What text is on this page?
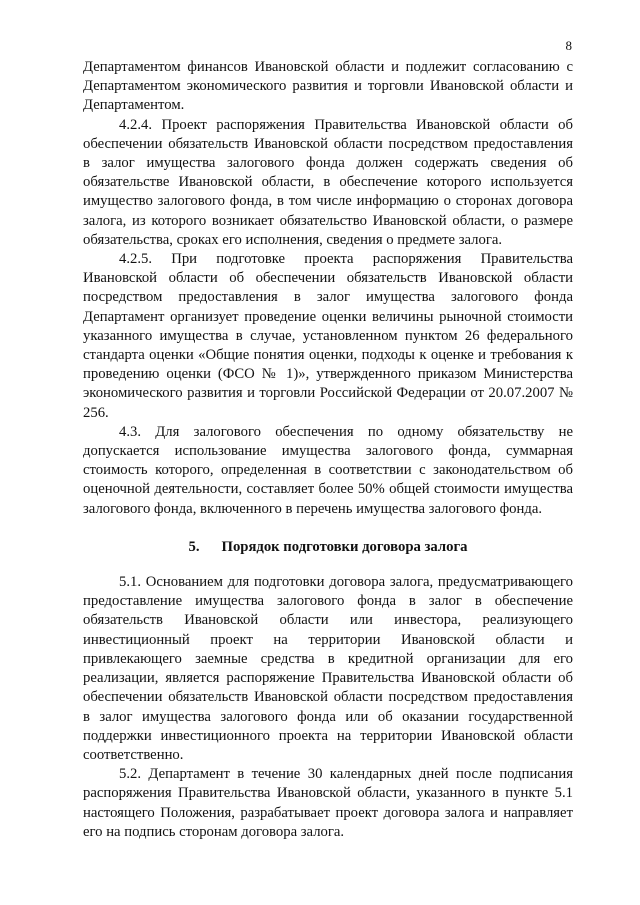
8

Департаментом финансов Ивановской области и подлежит согласованию с Департаментом экономического развития и торговли Ивановской области и Департаментом.

4.2.4. Проект распоряжения Правительства Ивановской области об обеспечении обязательств Ивановской области посредством предоставления в залог имущества залогового фонда должен содержать сведения об обязательстве Ивановской области, в обеспечение которого используется имущество залогового фонда, в том числе информацию о сторонах договора залога, из которого возникает обязательство Ивановской области, о размере обязательства, сроках его исполнения, сведения о предмете залога.

4.2.5. При подготовке проекта распоряжения Правительства Ивановской области об обеспечении обязательств Ивановской области посредством предоставления в залог имущества залогового фонда Департамент организует проведение оценки величины рыночной стоимости указанного имущества в случае, установленном пунктом 26 федерального стандарта оценки «Общие понятия оценки, подходы к оценке и требования к проведению оценки (ФСО № 1)», утвержденного приказом Министерства экономического развития и торговли Российской Федерации от 20.07.2007 № 256.

4.3. Для залогового обеспечения по одному обязательству не допускается использование имущества залогового фонда, суммарная стоимость которого, определенная в соответствии с законодательством об оценочной деятельности, составляет более 50% общей стоимости имущества залогового фонда, включенного в перечень имущества залогового фонда.

5. Порядок подготовки договора залога

5.1. Основанием для подготовки договора залога, предусматривающего предоставление имущества залогового фонда в залог в обеспечение обязательств Ивановской области или инвестора, реализующего инвестиционный проект на территории Ивановской области и привлекающего заемные средства в кредитной организации для его реализации, является распоряжение Правительства Ивановской области об обеспечении обязательств Ивановской области посредством предоставления в залог имущества залогового фонда или об оказании государственной поддержки инвестиционного проекта на территории Ивановской области соответственно.

5.2. Департамент в течение 30 календарных дней после подписания распоряжения Правительства Ивановской области, указанного в пункте 5.1 настоящего Положения, разрабатывает проект договора залога и направляет его на подпись сторонам договора залога.
